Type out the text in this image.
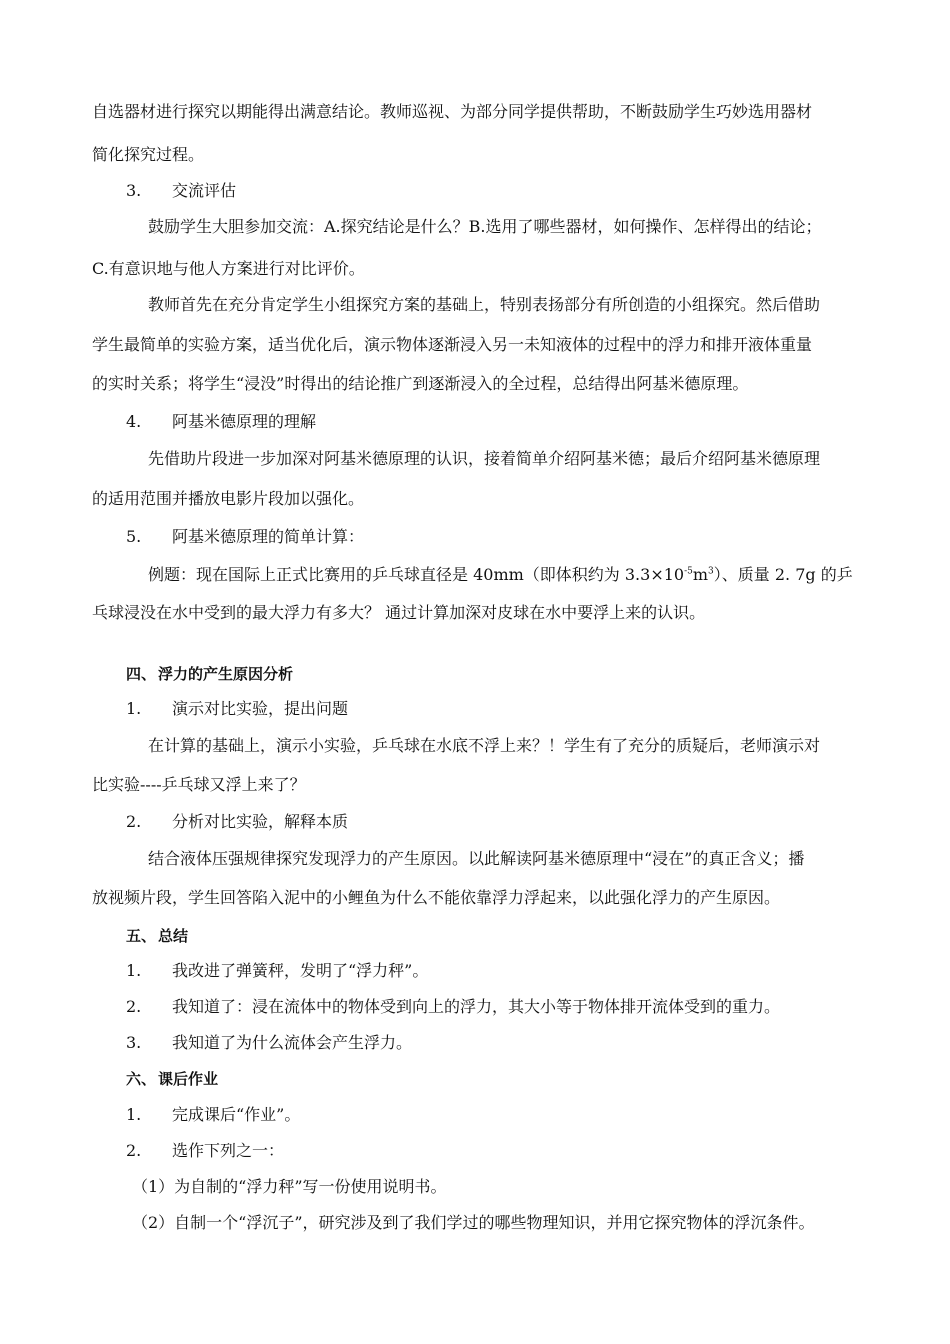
自选器材进行探究以期能得出满意结论。教师巡视、为部分同学提供帮助，不断鼓励学生巧妙选用器材
简化探究过程。
3. 交流评估
鼓励学生大胆参加交流：A.探究结论是什么？B.选用了哪些器材，如何操作、怎样得出的结论；
C.有意识地与他人方案进行对比评价。
教师首先在充分肯定学生小组探究方案的基础上，特别表扬部分有所创造的小组探究。然后借助
学生最简单的实验方案，适当优化后，演示物体逐渐浸入另一未知液体的过程中的浮力和排开液体重量
的实时关系；将学生“浸没”时得出的结论推广到逐渐浸入的全过程，总结得出阿基米德原理。
4. 阿基米德原理的理解
先借助片段进一步加深对阿基米德原理的认识，接着简单介绍阿基米德；最后介绍阿基米德原理
的适用范围并播放电影片段加以强化。
5. 阿基米德原理的简单计算：
例题：现在国际上正式比赛用的乒乓球直径是 40mm（即体积约为 $3.3\times 10^{-5}m^3$）、质量 2. 7g 的乒
乓球浸没在水中受到的最大浮力有多大？ 通过计算加深对皮球在水中要浮上来的认识。
四、 浮力的产生原因分析
1. 演示对比实验，提出问题
在计算的基础上，演示小实验，乒乓球在水底不浮上来？！学生有了充分的质疑后，老师演示对
比实验----乒乓球又浮上来了？
2. 分析对比实验，解释本质
结合液体压强规律探究发现浮力的产生原因。以此解读阿基米德原理中“浸在”的真正含义；播
放视频片段，学生回答陷入泥中的小鲤鱼为什么不能依靠浮力浮起来，以此强化浮力的产生原因。
五、 总结
1. 我改进了弹簧秤，发明了“浮力秤”。
2. 我知道了：浸在流体中的物体受到向上的浮力，其大小等于物体排开流体受到的重力。
3. 我知道了为什么流体会产生浮力。
六、 课后作业
1. 完成课后“作业”。
2. 选作下列之一：
（1）为自制的“浮力秤”写一份使用说明书。
（2）自制一个“浮沉子”，研究涉及到了我们学过的哪些物理知识，并用它探究物体的浮沉条件。
